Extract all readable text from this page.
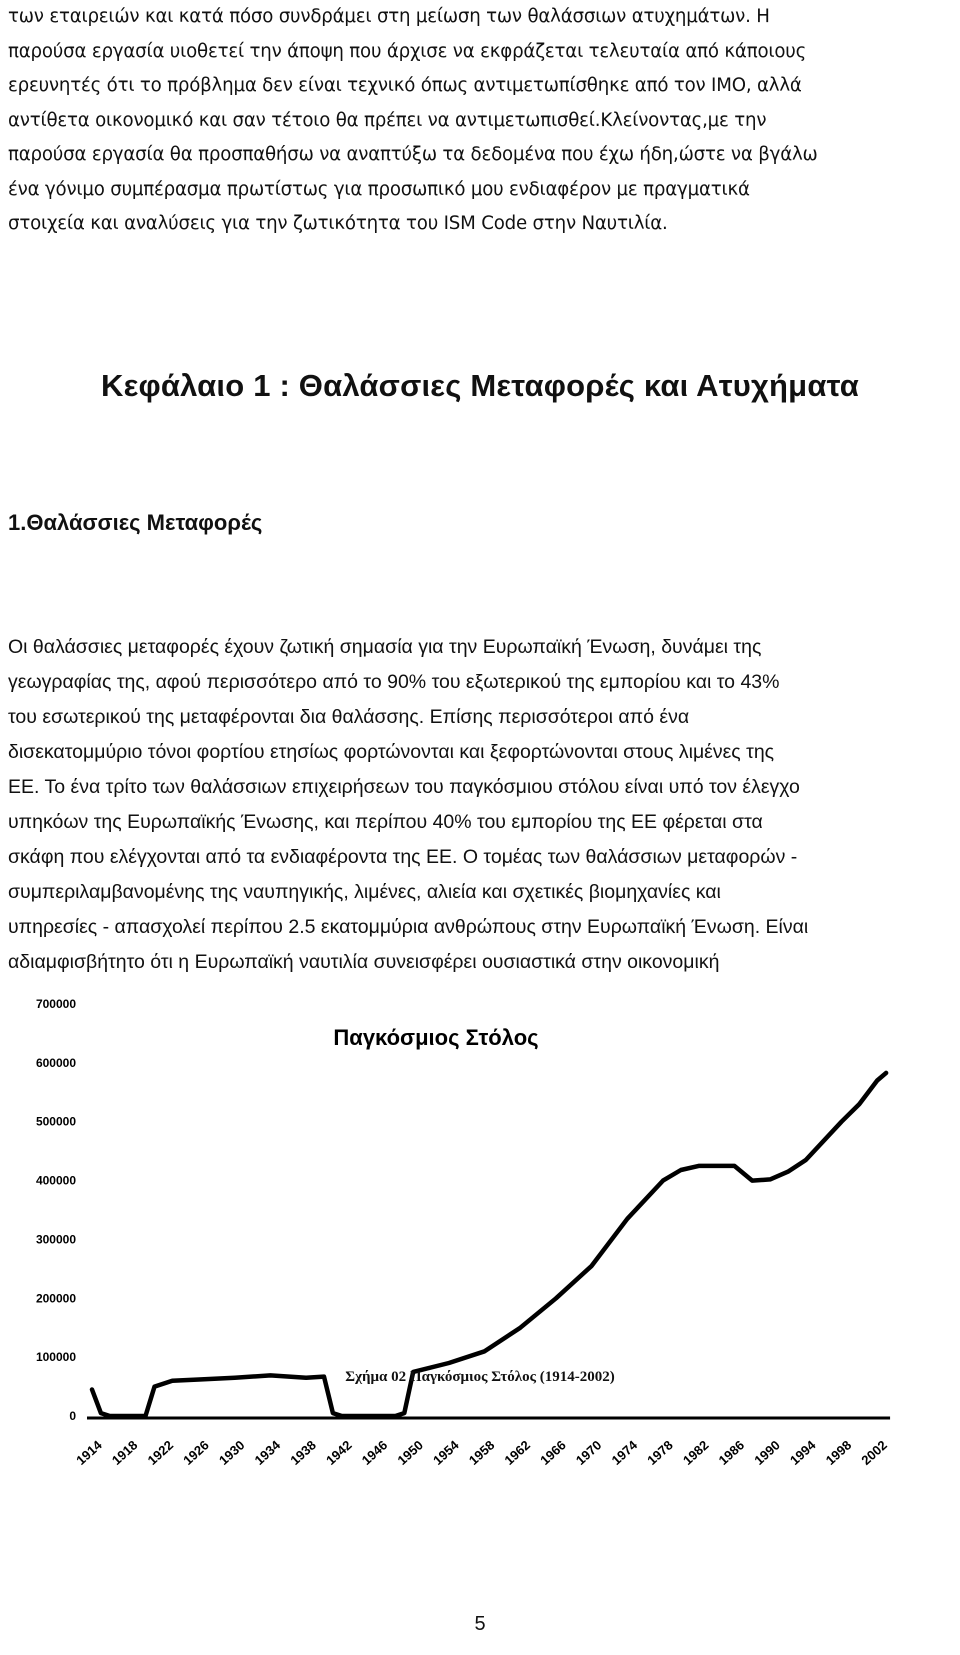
των εταιρειών και κατά πόσο συνδράμει στη μείωση των θαλάσσιων ατυχημάτων. Η
παρούσα εργασία υιοθετεί την άποψη που άρχισε να εκφράζεται τελευταία από κάποιους
ερευνητές ότι το πρόβλημα δεν είναι τεχνικό όπως αντιμετωπίσθηκε από τον IMO, αλλά
αντίθετα οικονομικό και σαν τέτοιο θα πρέπει να αντιμετωπισθεί.Κλείνοντας,με την
παρούσα εργασία θα προσπαθήσω να αναπτύξω τα δεδομένα που έχω ήδη,ώστε να βγάλω
ένα γόνιμο συμπέρασμα πρωτίστως για προσωπικό μου ενδιαφέρον με πραγματικά
στοιχεία και αναλύσεις για την ζωτικότητα του ISM Code στην Ναυτιλία.
Κεφάλαιο 1 : Θαλάσσιες Μεταφορές και Ατυχήματα
1.Θαλάσσιες Μεταφορές
Οι θαλάσσιες μεταφορές έχουν ζωτική σημασία για την Ευρωπαϊκή Ένωση, δυνάμει της
γεωγραφίας της, αφού περισσότερο από το 90% του εξωτερικού της εμπορίου και το 43%
του εσωτερικού της μεταφέρονται δια θαλάσσης. Επίσης περισσότεροι από ένα
δισεκατομμύριο τόνοι φορτίου ετησίως φορτώνονται και ξεφορτώνονται στους λιμένες της
ΕΕ. Το ένα τρίτο των θαλάσσιων επιχειρήσεων του παγκόσμιου στόλου είναι υπό τον έλεγχο
υπηκόων της Ευρωπαϊκής Ένωσης, και περίπου 40% του εμπορίου της ΕΕ φέρεται στα
σκάφη που ελέγχονται από τα ενδιαφέροντα της ΕΕ. Ο τομέας των θαλάσσιων μεταφορών -
συμπεριλαμβανομένης της ναυπηγικής, λιμένες, αλιεία και σχετικές βιομηχανίες και
υπηρεσίες - απασχολεί περίπου 2.5 εκατομμύρια ανθρώπους στην Ευρωπαϊκή Ένωση. Είναι
αδιαμφισβήτητο ότι η Ευρωπαϊκή ναυτιλία συνεισφέρει ουσιαστικά στην οικονομική
Παγκόσμιος Στόλος
0
100000
200000
300000
400000
500000
600000
700000
1914 1918 1922 1926 1930 1934 1938 1942 1946 1950 1954 1958 1962 1966 1970 1974 1978 1982 1986 1990 1994 1998 2002

Σχήμα 02 Παγκόσμιος Στόλος (1914-2002)

5
